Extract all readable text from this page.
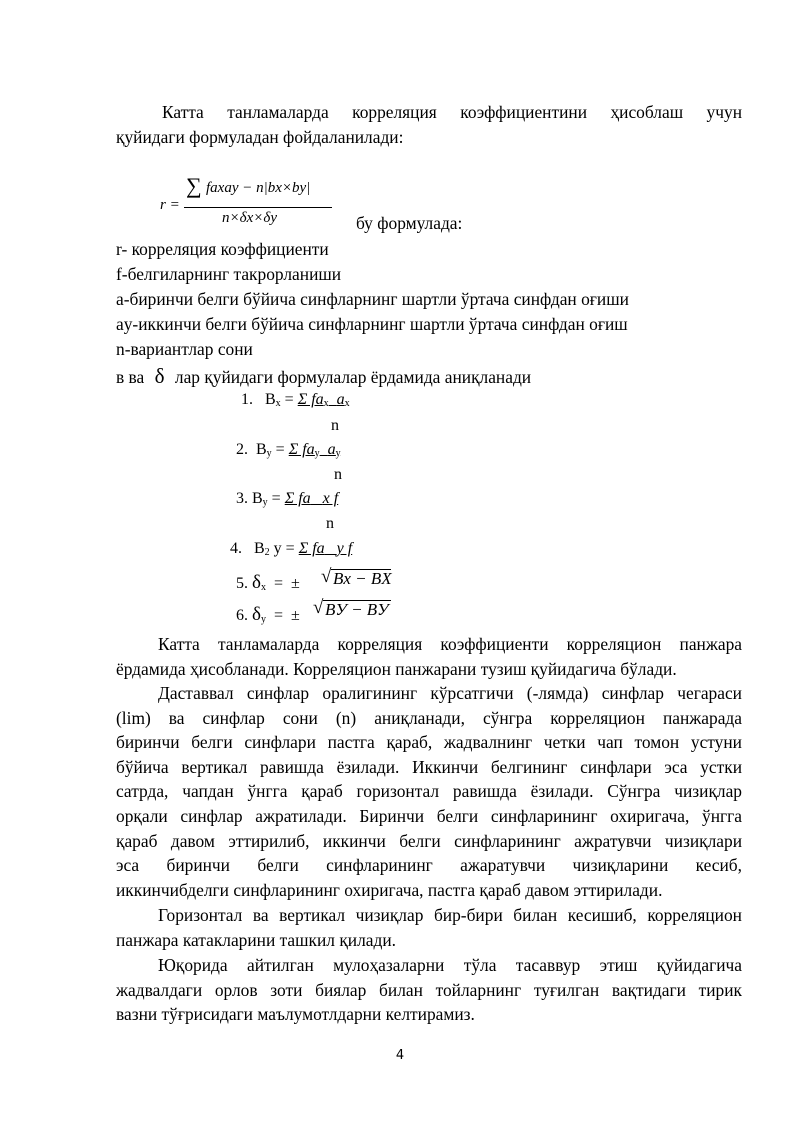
Катта танламаларда корреляция коэффициентини ҳисоблаш учун
қуйидаги формуладан фойдаланилади:
r =
∑ faxay − n|bx×by|
n×δx×δy	бу формулада:
r- корреляция коэффициенти
f-белгиларнинг такрорланиши
a-биринчи белги бўйича синфларнинг шартли ўртача синфдан оғиши
ay-иккинчи белги бўйича синфларнинг шартли ўртача синфдан оғиш
n-вариантлар сони
в ва δ лар қуйидаги формулалар ёрдамида аниқланади
1. $B_x = \Sigma$ $fa_x$ $a_x$
n
2. $B_y = \Sigma$ $fa_y$ $a_y$
n
3. $B_y = \Sigma$ fa x f
n
4. $B_2$ y = Σ fa y f
5. $\delta_x$ = ± √ Bx − BX
6. $\delta_y$ = ± √ BУ − BУ
Катта танламаларда корреляция коэффициенти корреляцион панжара
ёрдамида ҳисобланади. Корреляцион панжарани тузиш қуйидагича бўлади.
Даставвал синфлар оралигининг кўрсатгичи (-лямда) синфлар чегараси
(lim) ва синфлар сони (n) аниқланади, сўнгра корреляцион панжарада
биринчи белги синфлари пастга қараб, жадвалнинг четки чап томон устуни
бўйича вертикал равишда ёзилади. Иккинчи белгининг синфлари эса устки
сатрда, чапдан ўнгга қараб горизонтал равишда ёзилади. Сўнгра чизиқлар
орқали синфлар ажратилади. Биринчи белги синфларининг охиригача, ўнгга
қараб давом эттирилиб, иккинчи белги синфларининг ажратувчи чизиқлари
эса биринчи белги синфларининг ажаратувчи чизиқларини кесиб,
иккинчибделги синфларининг охиригача, пастга қараб давом эттирилади.
Горизонтал ва вертикал чизиқлар бир-бири билан кесишиб, корреляцион
панжара катакларини ташкил қилади.
Юқорида айтилган мулоҳазаларни тўла тасаввур этиш қуйидагича
жадвалдаги орлов зоти биялар билан тойларнинг туғилган вақтидаги тирик
вазни тўғрисидаги маълумотлдарни келтирамиз.
4
